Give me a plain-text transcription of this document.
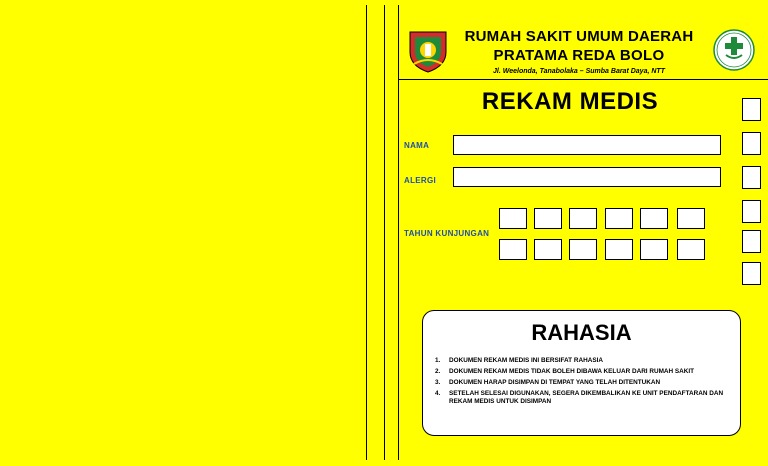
RUMAH SAKIT UMUM DAERAH
PRATAMA REDA BOLO
Jl. Weelonda, Tanabolaka – Sumba Barat Daya, NTT
REKAM MEDIS
NAMA
ALERGI
TAHUN KUNJUNGAN
RAHASIA
1. DOKUMEN REKAM MEDIS INI BERSIFAT RAHASIA
2. DOKUMEN REKAM MEDIS TIDAK BOLEH DIBAWA KELUAR DARI RUMAH SAKIT
3. DOKUMEN HARAP DISIMPAN DI TEMPAT YANG TELAH DITENTUKAN
4. SETELAH SELESAI DIGUNAKAN, SEGERA DIKEMBALIKAN KE UNIT PENDAFTARAN DAN REKAM MEDIS UNTUK DISIMPAN
